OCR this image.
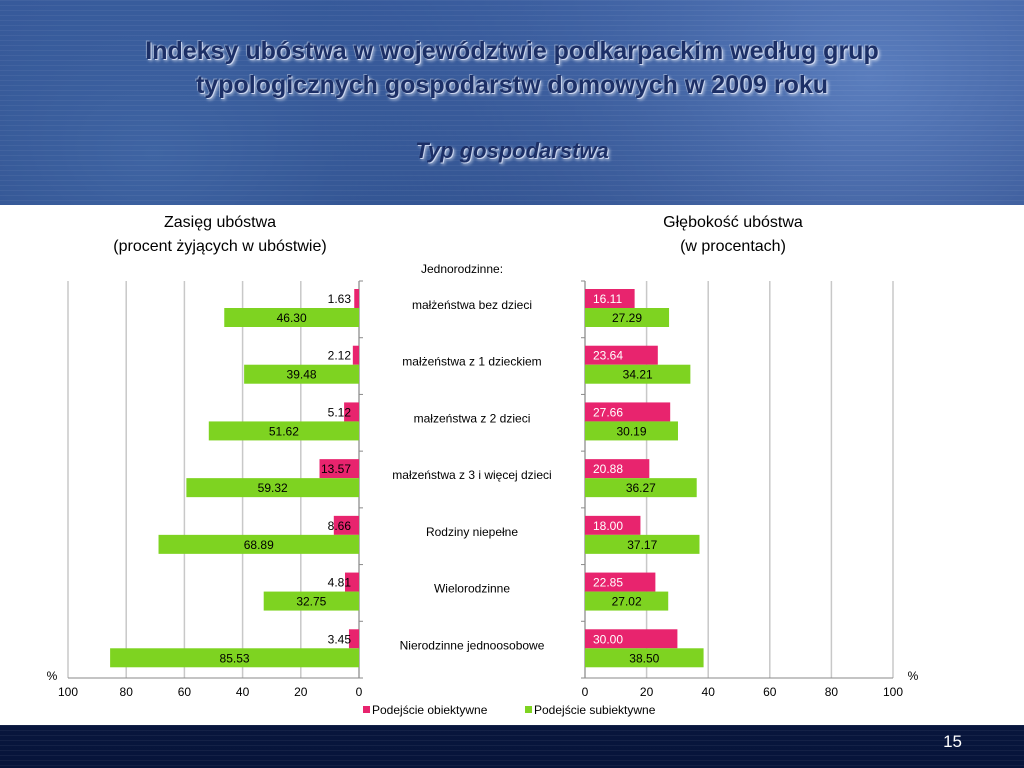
Indeksy ubóstwa w województwie podkarpackim według grup
typologicznych gospodarstw domowych w 2009 roku
Typ gospodarstwa
Zasięg ubóstwa
(procent żyjących w ubóstwie)
Głębokość ubóstwa
(w procentach)
Jednorodzinne:
100	80	60	40	20	0	0	20	40	60	80	100
%	%
małżeństwa bez dzieci
1.63
46.30
16.11
27.29
małżeństwa z 1 dzieckiem
2.12
39.48
23.64
34.21
małzeństwa z 2 dzieci
5.12
51.62
27.66
30.19
małzeństwa z 3 i więcej dzieci
13.57
59.32
20.88
36.27
Rodziny niepełne
8.66
68.89
18.00
37.17
Wielorodzinne
4.81
32.75
22.85
27.02
Nierodzinne jednoosobowe
3.45
85.53
30.00
38.50
Podejście obiektywne	Podejście subiektywne
15
